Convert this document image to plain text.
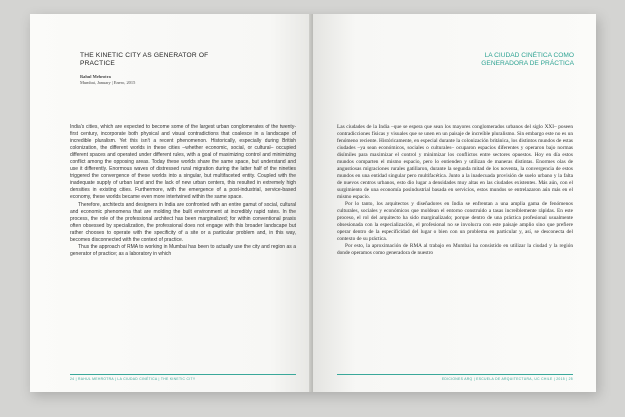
THE KINETIC CITY AS GENERATOR OF PRACTICE
Rahul Mehrotra
Mumbai, January | Enero, 2015

India's cities, which are expected to become some of the largest urban conglomerates of the twenty-first century, incorporate both physical and visual contradictions that coalesce in a landscape of incredible pluralism. Yet this isn't a recent phenomenon. Historically, especially during British colonization, the different worlds in these cities –whether economic, social, or cultural– occupied different spaces and operated under different rules, with a goal of maximizing control and minimizing conflict among the opposing areas. Today these worlds share the same space, but understand and use it differently. Enormous waves of distressed rural migration during the latter half of the nineties triggered the convergence of these worlds into a singular, but multifaceted entity. Coupled with the inadequate supply of urban land and the lack of new urban centers, this resulted in extremely high densities in existing cities. Furthermore, with the emergence of a post-industrial, service-based economy, these worlds became even more intertwined within the same space.

Therefore, architects and designers in India are confronted with an entire gamut of social, cultural and economic phenomena that are molding the built environment at incredibly rapid rates. In the process, the role of the professional architect has been marginalized; for within conventional praxis often obsessed by specialization, the professional does not engage with this broader landscape but rather chooses to operate with the specificity of a site or a particular problem and, in this way, becomes disconnected with the context of practice.

Thus the approach of RMA to working in Mumbai has been to actually use the city and region as a generator of practice; as a laboratory in which

24 | RAHUL MEHROTRA | LA CIUDAD CINÉTICA | THE KINETIC CITY
LA CIUDAD CINÉTICA COMO GENERADORA DE PRÁCTICA

Las ciudades de la India –que se espera que sean los mayores conglomerados urbanos del siglo XXI– poseen contradicciones físicas y visuales que se unen en un paisaje de increíble pluralismo. Sin embargo este no es un fenómeno reciente. Históricamente, en especial durante la colonización británica, los distintos mundos de estas ciudades –ya sean económicos, sociales o culturales– ocuparon espacios diferentes y operaron bajo normas disímiles para maximizar el control y minimizar los conflictos entre sectores opuestos. Hoy en día estos mundos comparten el mismo espacio, pero lo entienden y utilizan de maneras distintas. Enormes olas de angustiosas migraciones rurales gatillaron, durante la segunda mitad de los noventa, la convergencia de estos mundos en una entidad singular pero multifacética. Junto a la inadecuada provisión de suelo urbano y la falta de nuevos centros urbanos, esto dio lugar a densidades muy altas en las ciudades existentes. Más aún, con el surgimiento de una economía posindustrial basada en servicios, estos mundos se entrelazaron aún más en el mismo espacio.

Por lo tanto, los arquitectos y diseñadores en India se enfrentan a una amplia gama de fenómenos culturales, sociales y económicos que moldean el entorno construido a tasas increíblemente rápidas. En este proceso, el rol del arquitecto ha sido marginalizado; porque dentro de una práctica profesional usualmente obsesionada con la especialización, el profesional no se involucra con este paisaje amplio sino que prefiere operar dentro de la especificidad del lugar o bien con un problema en particular y, así, se desconecta del contexto de su práctica.

Por esto, la aproximación de RMA al trabajo en Mumbai ha consistido en utilizar la ciudad y la región donde operamos como generadora de nuestro

EDICIONES ARQ | ESCUELA DE ARQUITECTURA, UC CHILE | 2015 | 25
